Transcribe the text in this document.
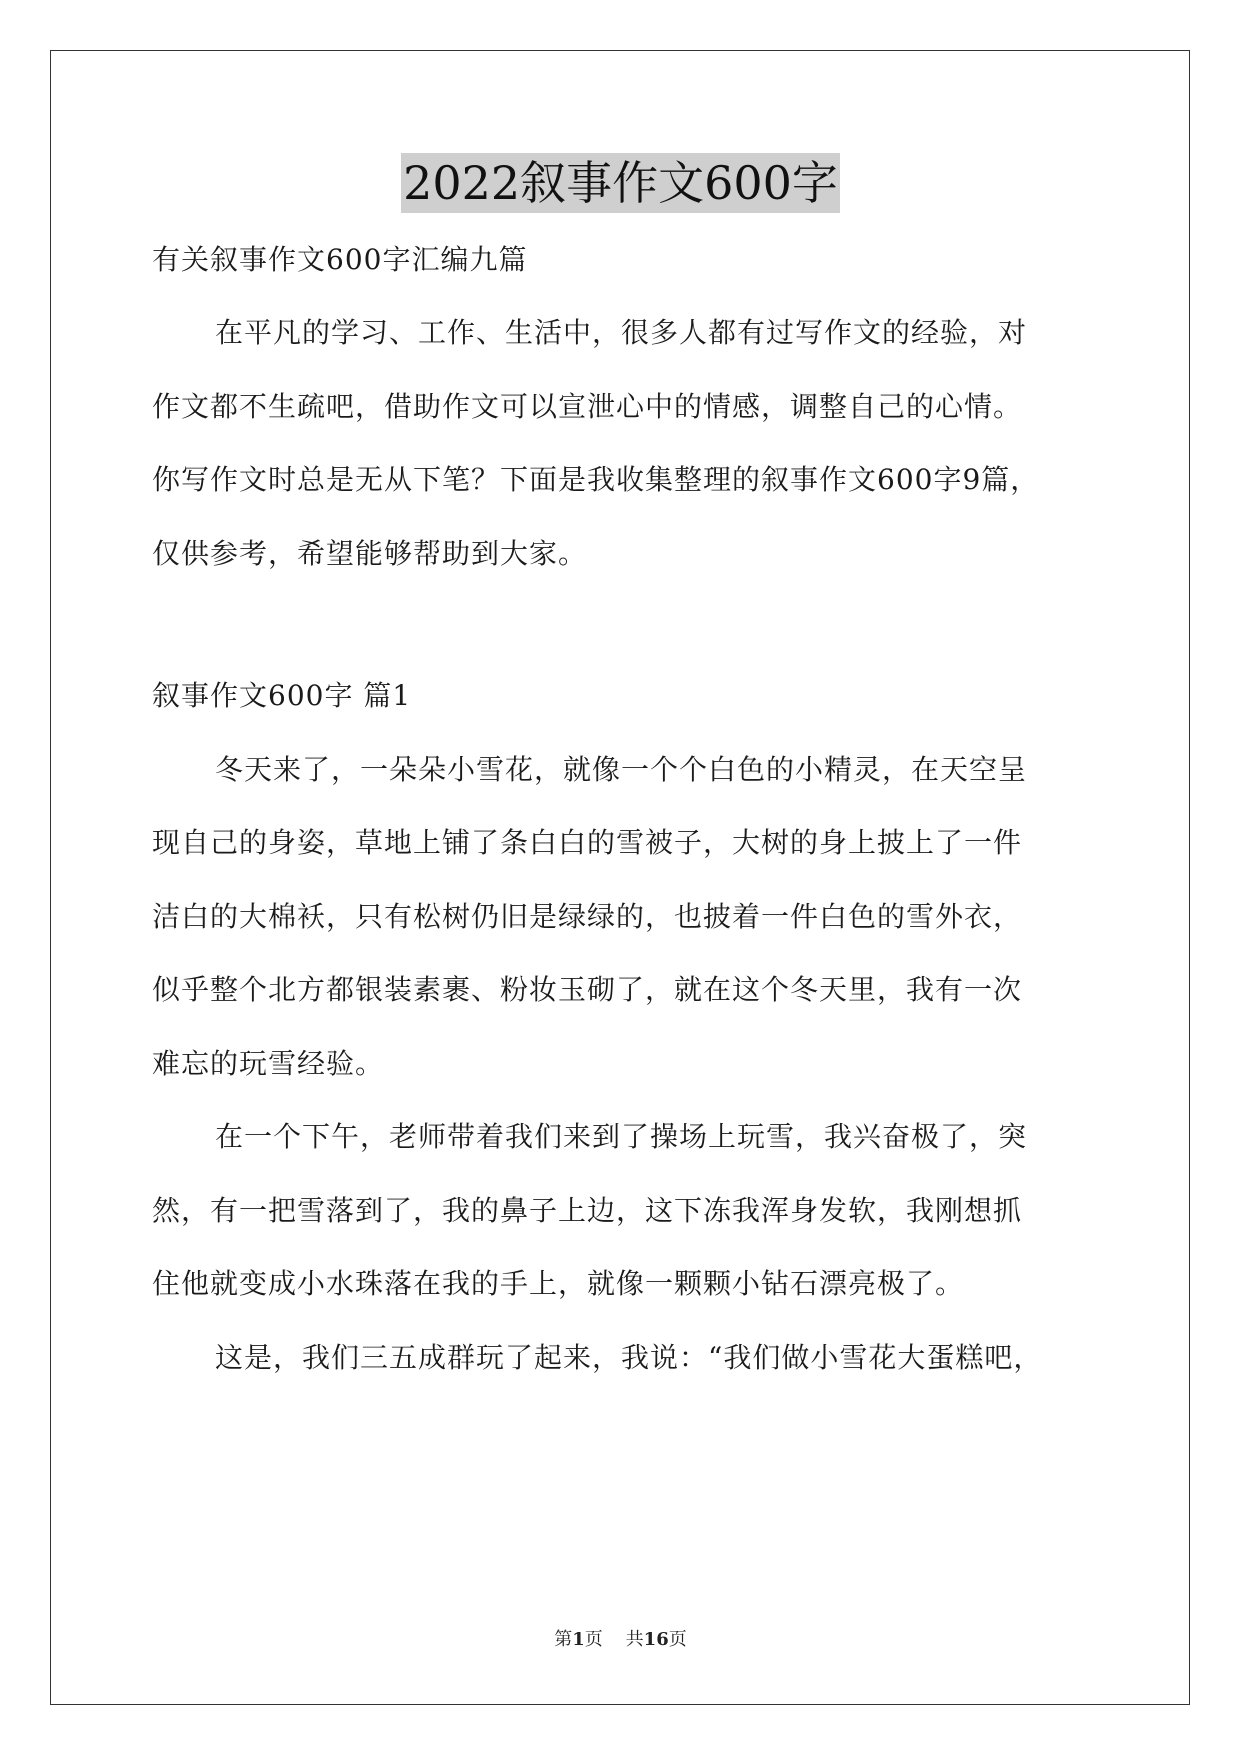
2022叙事作文600字
有关叙事作文600字汇编九篇
在平凡的学习、工作、生活中，很多人都有过写作文的经验，对
作文都不生疏吧，借助作文可以宣泄心中的情感，调整自己的心情。
你写作文时总是无从下笔？下面是我收集整理的叙事作文600字9篇，
仅供参考，希望能够帮助到大家。
叙事作文600字 篇1
冬天来了，一朵朵小雪花，就像一个个白色的小精灵，在天空呈
现自己的身姿，草地上铺了条白白的雪被子，大树的身上披上了一件
洁白的大棉袄，只有松树仍旧是绿绿的，也披着一件白色的雪外衣，
似乎整个北方都银装素裹、粉妆玉砌了，就在这个冬天里，我有一次
难忘的玩雪经验。
在一个下午，老师带着我们来到了操场上玩雪，我兴奋极了，突
然，有一把雪落到了，我的鼻子上边，这下冻我浑身发软，我刚想抓
住他就变成小水珠落在我的手上，就像一颗颗小钻石漂亮极了。
这是，我们三五成群玩了起来，我说：“我们做小雪花大蛋糕吧，
第1页    共16页
